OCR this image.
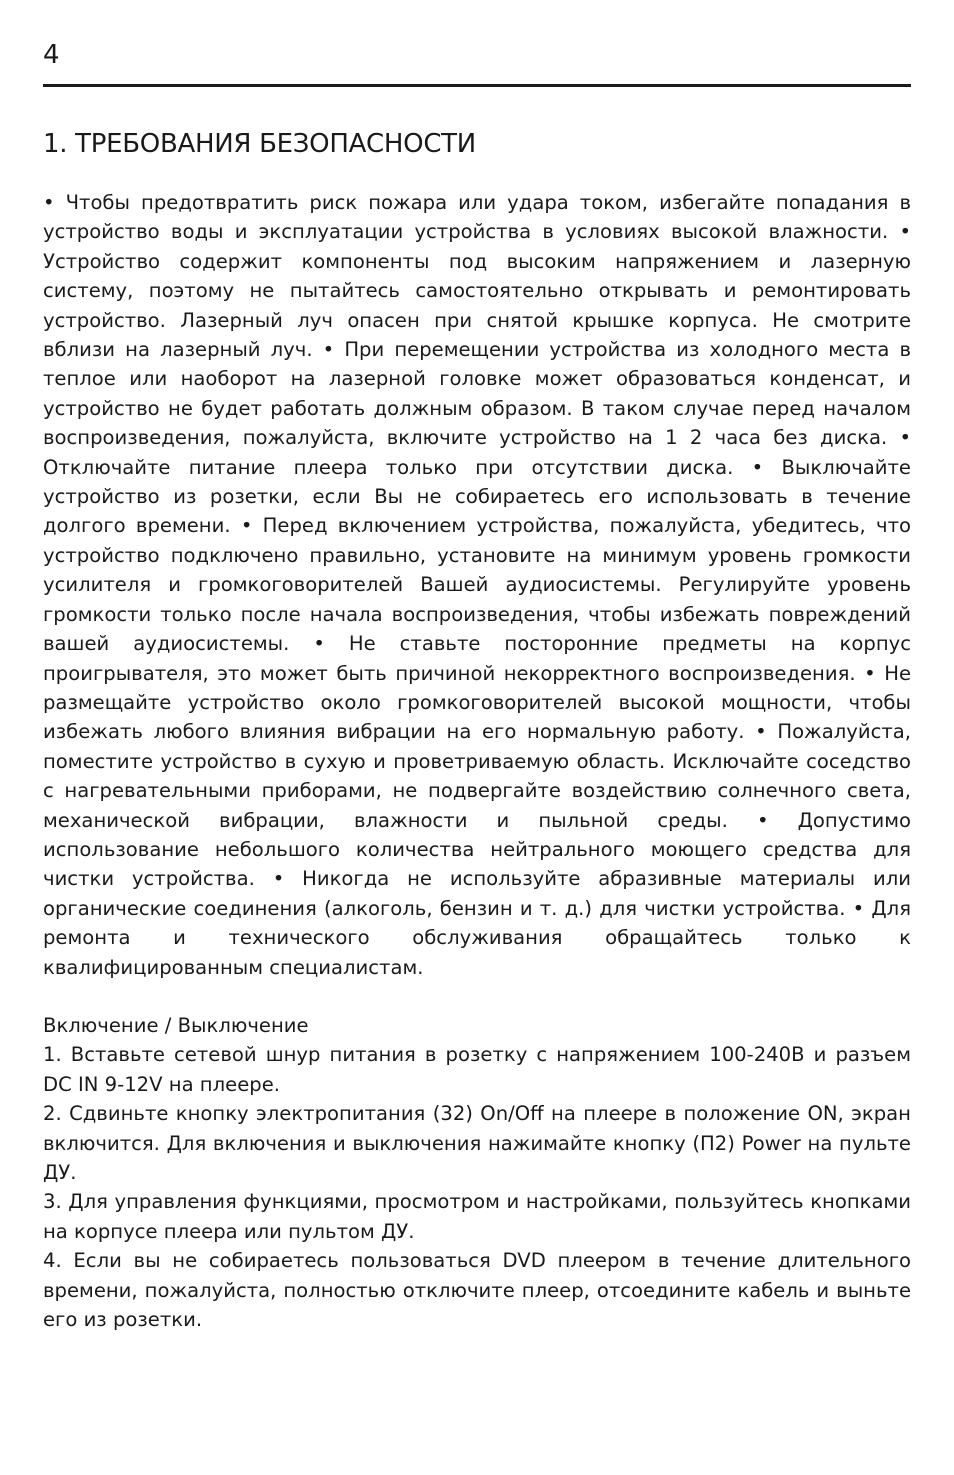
4
1. ТРЕБОВАНИЯ БЕЗОПАСНОСТИ

• Чтобы предотвратить риск пожара или удара током, избегайте попадания в устройство воды и эксплуатации устройства в условиях высокой влажности. • Устройство содержит компоненты под высоким напряжением и лазерную систему, поэтому не пытайтесь самостоятельно открывать и ремонтировать устройство. Лазерный луч опасен при снятой крышке корпуса. Не смотрите вблизи на лазерный луч. • При перемещении устройства из холодного места в теплое или наоборот на лазерной головке может образоваться конденсат, и устройство не будет работать должным образом. В таком случае перед началом воспроизведения, пожалуйста, включите устройство на 1 2 часа без диска. • Отключайте питание плеера только при отсутствии диска. • Выключайте устройство из розетки, если Вы не собираетесь его использовать в течение долгого времени. • Перед включением устройства, пожалуйста, убедитесь, что устройство подключено правильно, установите на минимум уровень громкости усилителя и громкоговорителей Вашей аудиосистемы. Регулируйте уровень громкости только после начала воспроизведения, чтобы избежать повреждений вашей аудиосистемы. • Не ставьте посторонние предметы на корпус проигрывателя, это может быть причиной некорректного воспроизведения. • Не размещайте устройство около громкоговорителей высокой мощности, чтобы избежать любого влияния вибрации на его нормальную работу. • Пожалуйста, поместите устройство в сухую и проветриваемую область. Исключайте соседство с нагревательными приборами, не подвергайте воздействию солнечного света, механической вибрации, влажности и пыльной среды. • Допустимо использование небольшого количества нейтрального моющего средства для чистки устройства. • Никогда не используйте абразивные материалы или органические соединения (алкоголь, бензин и т. д.) для чистки устройства. • Для ремонта и технического обслуживания обращайтесь только к квалифицированным специалистам.

Включение / Выключение

1. Вставьте сетевой шнур питания в розетку с напряжением 100-240В и разъем DC IN 9-12V на плеере.

2. Сдвиньте кнопку электропитания (32) On/Off на плеере в положение ON, экран включится. Для включения и выключения нажимайте кнопку (П2) Power на пульте ДУ.

3. Для управления функциями, просмотром и настройками, пользуйтесь кнопками на корпусе плеера или пультом ДУ.

4. Если вы не собираетесь пользоваться DVD плеером в течение длительного времени, пожалуйста, полностью отключите плеер, отсоедините кабель и выньте его из розетки.
